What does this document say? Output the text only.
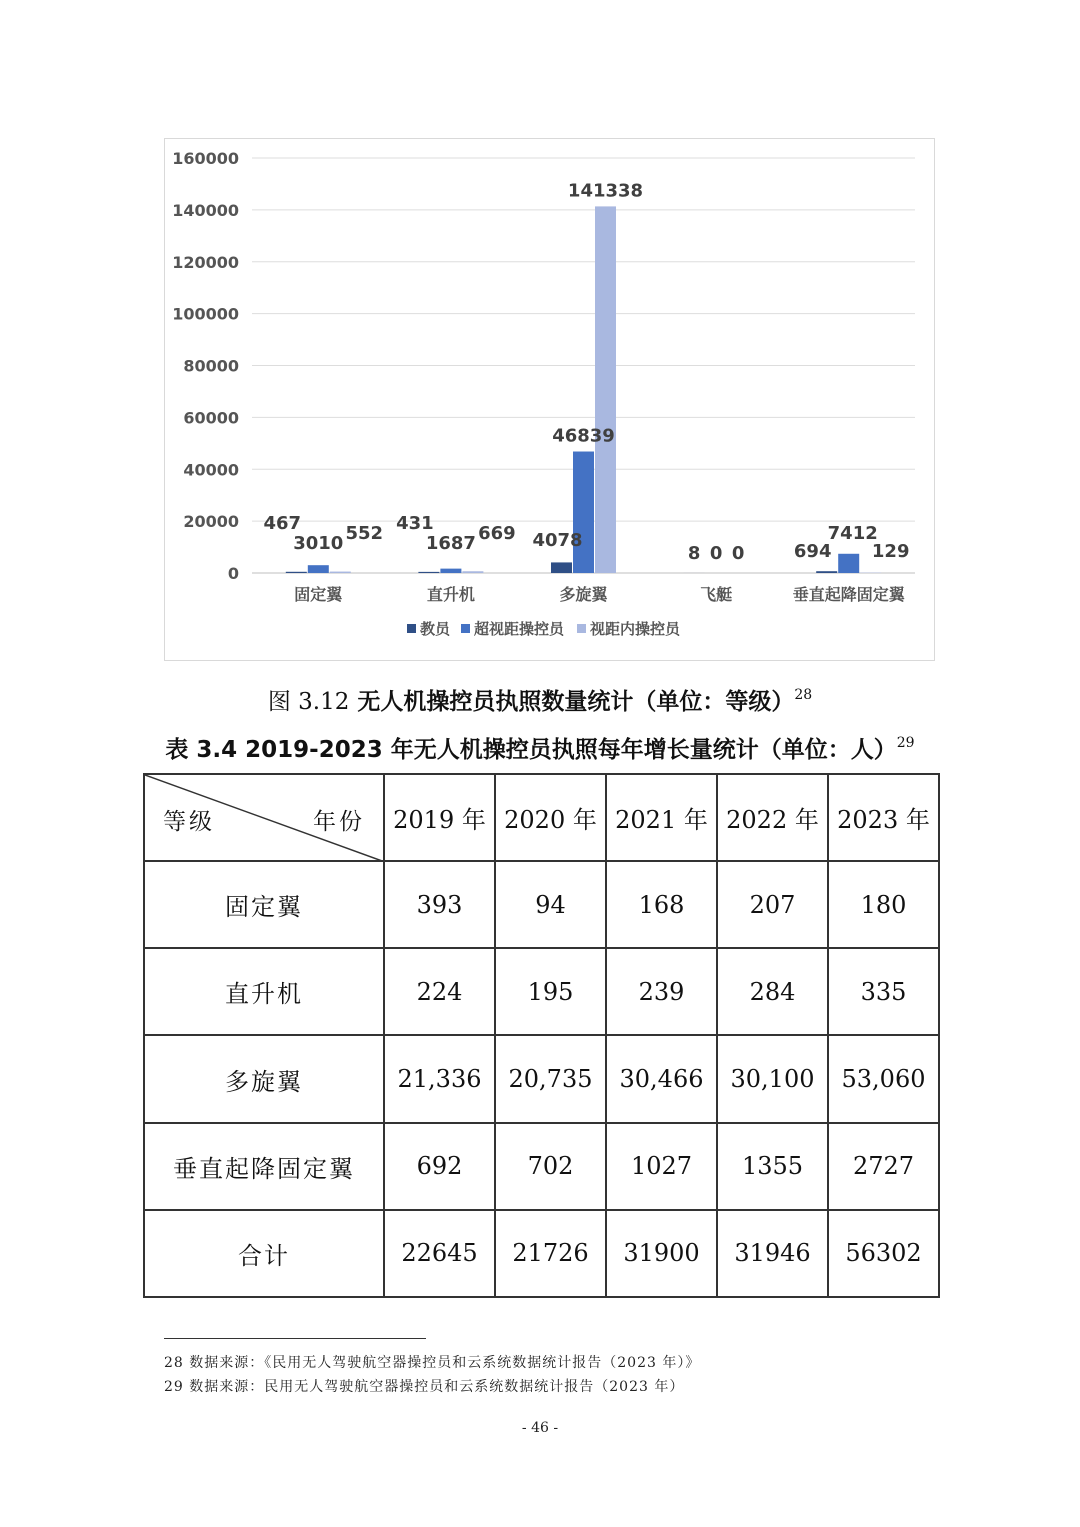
0
20000
40000
60000
80000
100000
120000
140000
160000
固定翼
467
3010 552
直升机
431
1687 669
多旋翼
4078
46839
141338
飞艇
8 0 0
垂直起降固定翼
694
7412
129
教员 超视距操控员 视距内操控员
图 3.12 无人机操控员执照数量统计（单位：等级）$^{28}$
表 3.4 2019-2023 年无人机操控员执照每年增长量统计（单位：人）$^{29}$
等级 年份	2019 年	2020 年	2021 年	2022 年	2023 年
固定翼	393	94	168	207	180
直升机	224	195	239	284	335
多旋翼	21,336	20,735	30,466	30,100	53,060
垂直起降固定翼	692	702	1027	1355	2727
合计	22645	21726	31900	31946	56302
28 数据来源：《民用无人驾驶航空器操控员和云系统数据统计报告（2023 年）》
29 数据来源：民用无人驾驶航空器操控员和云系统数据统计报告（2023 年）
- 46 -
